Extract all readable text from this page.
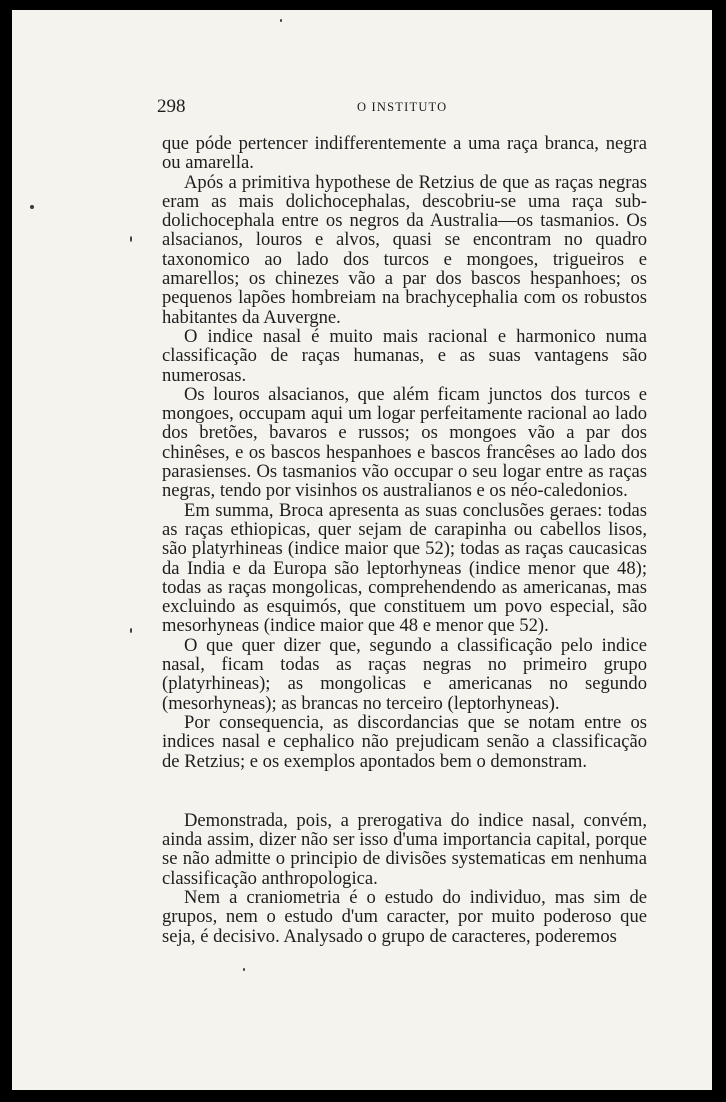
298	O INSTITUTO

que póde pertencer indifferentemente a uma raça branca, negra ou amarella.

Após a primitiva hypothese de Retzius de que as raças negras eram as mais dolichocephalas, descobriu-se uma raça sub-dolichocephala entre os negros da Australia—os tasmanios. Os alsacianos, louros e alvos, quasi se encontram no quadro taxonomico ao lado dos turcos e mongoes, trigueiros e amarellos; os chinezes vão a par dos bascos hespanhoes; os pequenos lapões hombreiam na brachycephalia com os robustos habitantes da Auvergne.

O indice nasal é muito mais racional e harmonico numa classificação de raças humanas, e as suas vantagens são numerosas.

Os louros alsacianos, que além ficam junctos dos turcos e mongoes, occupam aqui um logar perfeitamente racional ao lado dos bretões, bavaros e russos; os mongoes vão a par dos chinêses, e os bascos hespanhoes e bascos francêses ao lado dos parasienses. Os tasmanios vão occupar o seu logar entre as raças negras, tendo por visinhos os australianos e os néo-caledonios.

Em summa, Broca apresenta as suas conclusões geraes: todas as raças ethiopicas, quer sejam de carapinha ou cabellos lisos, são platyrhineas (indice maior que 52); todas as raças caucasicas da India e da Europa são leptorhyneas (indice menor que 48); todas as raças mongolicas, comprehendendo as americanas, mas excluindo as esquimós, que constituem um povo especial, são mesorhyneas (indice maior que 48 e menor que 52).

O que quer dizer que, segundo a classificação pelo indice nasal, ficam todas as raças negras no primeiro grupo (platyrhineas); as mongolicas e americanas no segundo (mesorhyneas); as brancas no terceiro (leptorhyneas).

Por consequencia, as discordancias que se notam entre os indices nasal e cephalico não prejudicam senão a classificação de Retzius; e os exemplos apontados bem o demonstram.

Demonstrada, pois, a prerogativa do indice nasal, convém, ainda assim, dizer não ser isso d'uma importancia capital, porque se não admitte o principio de divisões systematicas em nenhuma classificação anthropologica.

Nem a craniometria é o estudo do individuo, mas sim de grupos, nem o estudo d'um caracter, por muito poderoso que seja, é decisivo. Analysado o grupo de caracteres, poderemos
